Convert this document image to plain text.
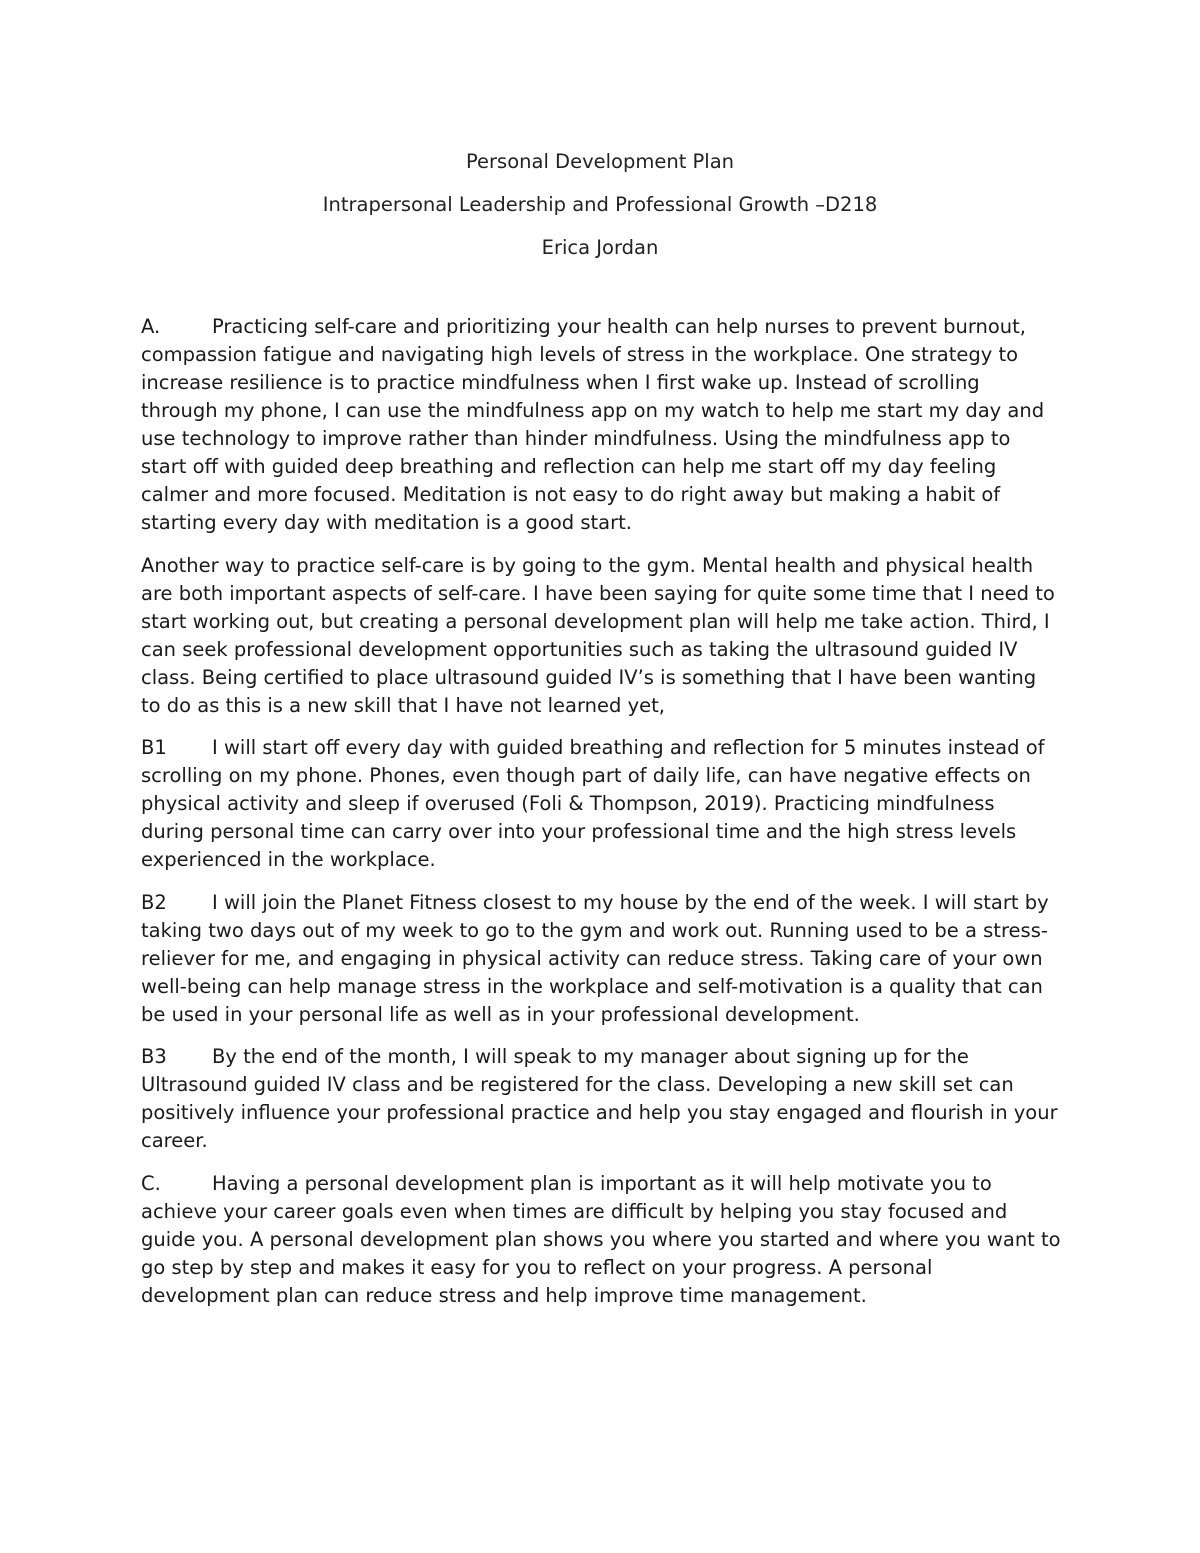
Personal Development Plan
Intrapersonal Leadership and Professional Growth –D218
Erica Jordan

A.	Practicing self-care and prioritizing your health can help nurses to prevent burnout, compassion fatigue and navigating high levels of stress in the workplace. One strategy to increase resilience is to practice mindfulness when I first wake up. Instead of scrolling through my phone, I can use the mindfulness app on my watch to help me start my day and use technology to improve rather than hinder mindfulness. Using the mindfulness app to start off with guided deep breathing and reflection can help me start off my day feeling calmer and more focused. Meditation is not easy to do right away but making a habit of starting every day with meditation is a good start.

Another way to practice self-care is by going to the gym. Mental health and physical health are both important aspects of self-care. I have been saying for quite some time that I need to start working out, but creating a personal development plan will help me take action. Third, I can seek professional development opportunities such as taking the ultrasound guided IV class. Being certified to place ultrasound guided IV’s is something that I have been wanting to do as this is a new skill that I have not learned yet,

B1 I will start off every day with guided breathing and reflection for 5 minutes instead of scrolling on my phone. Phones, even though part of daily life, can have negative effects on physical activity and sleep if overused (Foli & Thompson, 2019). Practicing mindfulness during personal time can carry over into your professional time and the high stress levels experienced in the workplace.

B2 I will join the Planet Fitness closest to my house by the end of the week. I will start by taking two days out of my week to go to the gym and work out. Running used to be a stress-reliever for me, and engaging in physical activity can reduce stress. Taking care of your own well-being can help manage stress in the workplace and self-motivation is a quality that can be used in your personal life as well as in your professional development.

B3 By the end of the month, I will speak to my manager about signing up for the Ultrasound guided IV class and be registered for the class. Developing a new skill set can positively influence your professional practice and help you stay engaged and flourish in your career.

C.	Having a personal development plan is important as it will help motivate you to achieve your career goals even when times are difficult by helping you stay focused and guide you. A personal development plan shows you where you started and where you want to go step by step and makes it easy for you to reflect on your progress. A personal development plan can reduce stress and help improve time management.
